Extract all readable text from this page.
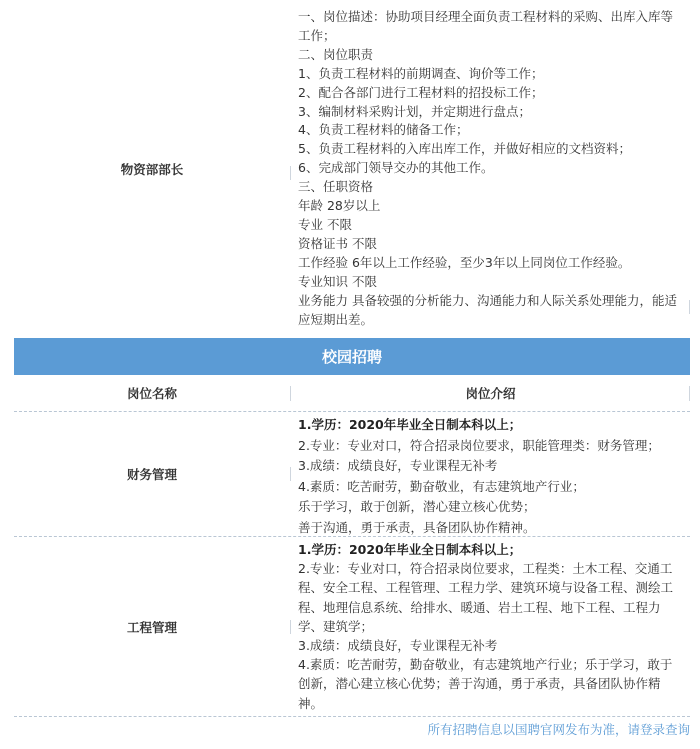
物资部部长
一、岗位描述：协助项目经理全面负责工程材料的采购、出库入库等
工作；
二、岗位职责
1、负责工程材料的前期调查、询价等工作；
2、配合各部门进行工程材料的招投标工作；
3、编制材料采购计划，并定期进行盘点；
4、负责工程材料的储备工作；
5、负责工程材料的入库出库工作，并做好相应的文档资料；
6、完成部门领导交办的其他工作。
三、任职资格
年龄 28岁以上
专业 不限
资格证书 不限
工作经验 6年以上工作经验，至少3年以上同岗位工作经验。
专业知识 不限
业务能力 具备较强的分析能力、沟通能力和人际关系处理能力，能适
应短期出差。
校园招聘
岗位名称	岗位介绍
财务管理
1.学历：2020年毕业全日制本科以上；
2.专业：专业对口，符合招录岗位要求，职能管理类：财务管理；
3.成绩：成绩良好，专业课程无补考
4.素质：吃苦耐劳，勤奋敬业，有志建筑地产行业；
乐于学习，敢于创新，潜心建立核心优势；
善于沟通，勇于承责，具备团队协作精神。
工程管理
1.学历：2020年毕业全日制本科以上；
2.专业：专业对口，符合招录岗位要求，工程类：土木工程、交通工
程、安全工程、工程管理、工程力学、建筑环境与设备工程、测绘工
程、地理信息系统、给排水、暖通、岩土工程、地下工程、工程力
学、建筑学；
3.成绩：成绩良好，专业课程无补考
4.素质：吃苦耐劳，勤奋敬业，有志建筑地产行业；乐于学习，敢于
创新，潜心建立核心优势；善于沟通，勇于承责，具备团队协作精
神。
所有招聘信息以国聘官网发布为准，请登录查询
